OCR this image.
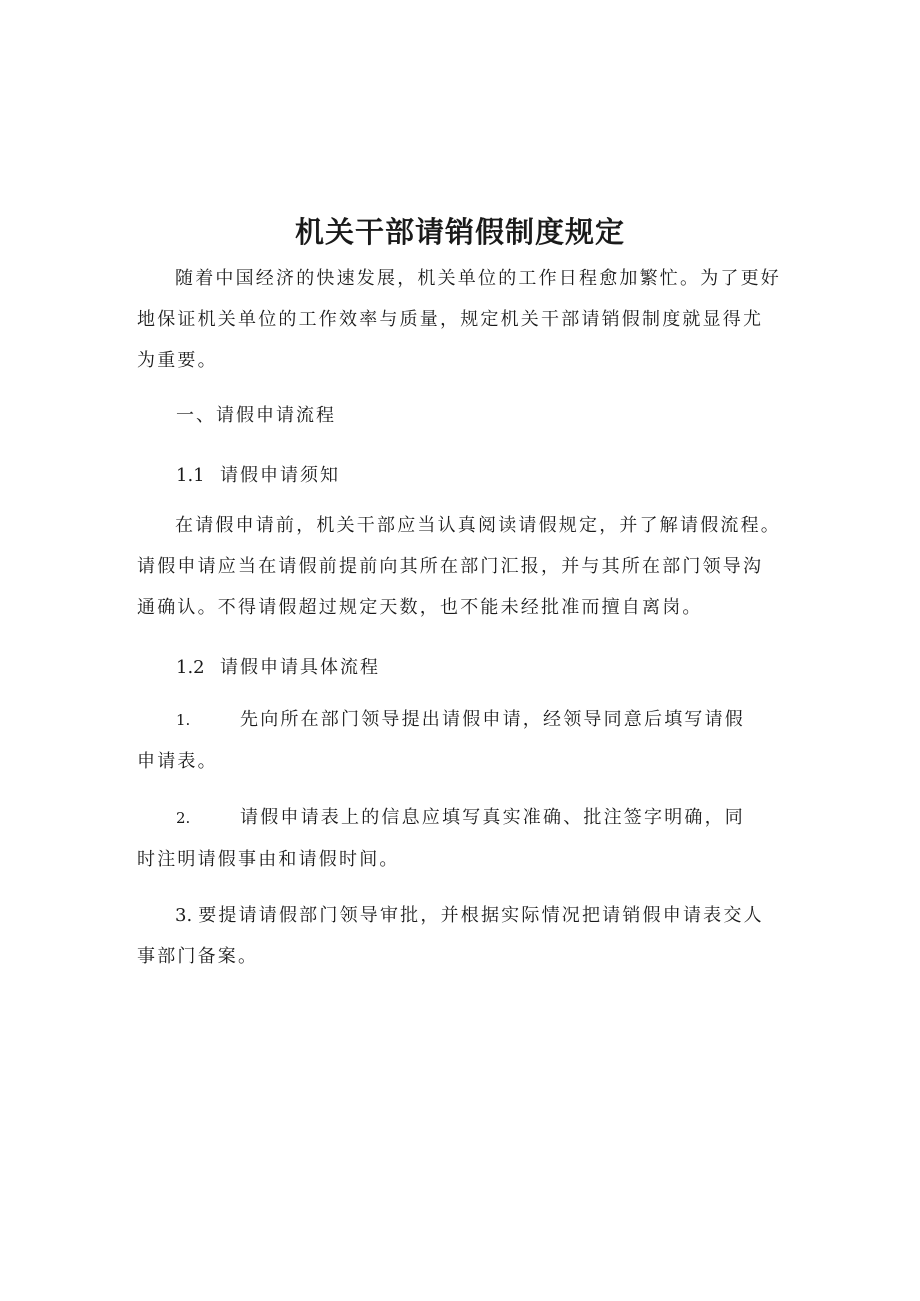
机关干部请销假制度规定

随着中国经济的快速发展，机关单位的工作日程愈加繁忙。为了更好地保证机关单位的工作效率与质量，规定机关干部请销假制度就显得尤为重要。

一、请假申请流程

1.1 请假申请须知

在请假申请前，机关干部应当认真阅读请假规定，并了解请假流程。请假申请应当在请假前提前向其所在部门汇报，并与其所在部门领导沟通确认。不得请假超过规定天数，也不能未经批准而擅自离岗。

1.2 请假申请具体流程

1.	先向所在部门领导提出请假申请，经领导同意后填写请假
申请表。
2.	请假申请表上的信息应填写真实准确、批注签字明确，同
时注明请假事由和请假时间。

3. 要提请请假部门领导审批，并根据实际情况把请销假申请表交人事部门备案。
